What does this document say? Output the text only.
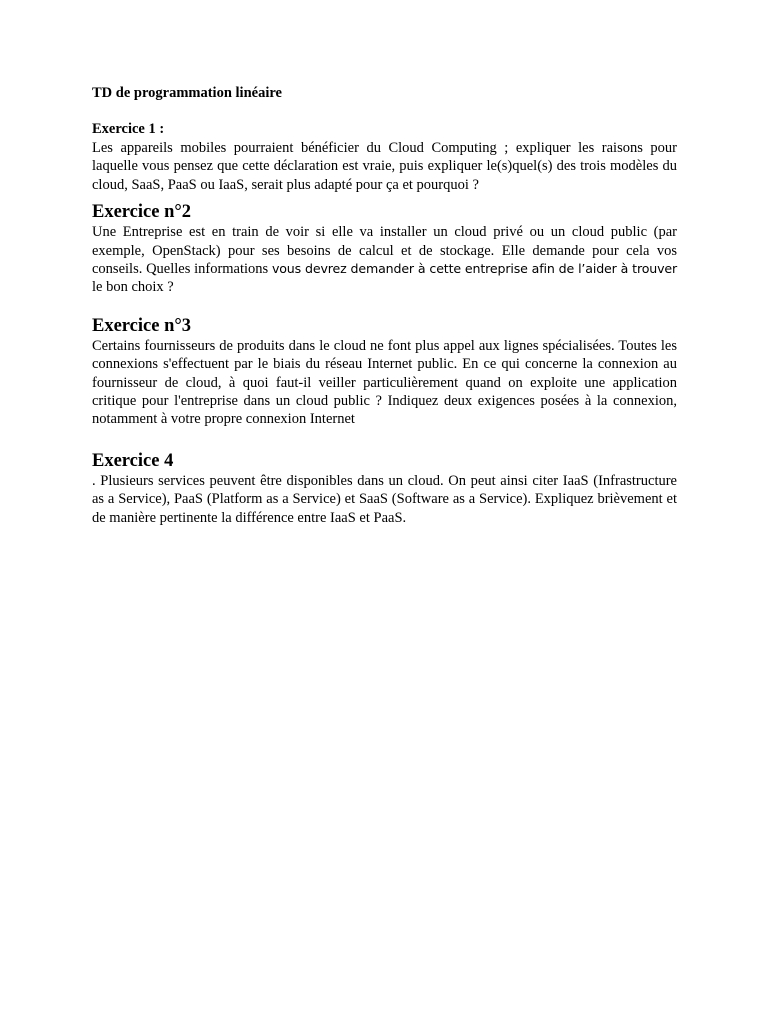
TD de programmation linéaire
Exercice 1 :

Les appareils mobiles pourraient bénéficier du Cloud Computing ; expliquer les raisons pour laquelle vous pensez que cette déclaration est vraie, puis expliquer le(s)quel(s) des trois modèles du cloud, SaaS, PaaS ou IaaS, serait plus adapté pour ça et pourquoi ?

Exercice n°2

Une Entreprise est en train de voir si elle va installer un cloud privé ou un cloud public (par exemple, OpenStack) pour ses besoins de calcul et de stockage. Elle demande pour cela vos conseils. Quelles informations vous devrez demander à cette entreprise afin de l’aider à trouver le bon choix ?

Exercice n°3

Certains fournisseurs de produits dans le cloud ne font plus appel aux lignes spécialisées. Toutes les connexions s'effectuent par le biais du réseau Internet public. En ce qui concerne la connexion au fournisseur de cloud, à quoi faut-il veiller particulièrement quand on exploite une application critique pour l'entreprise dans un cloud public ? Indiquez deux exigences posées à la connexion, notamment à votre propre connexion Internet

Exercice 4

. Plusieurs services peuvent être disponibles dans un cloud. On peut ainsi citer IaaS (Infrastructure as a Service), PaaS (Platform as a Service) et SaaS (Software as a Service). Expliquez brièvement et de manière pertinente la différence entre IaaS et PaaS.
